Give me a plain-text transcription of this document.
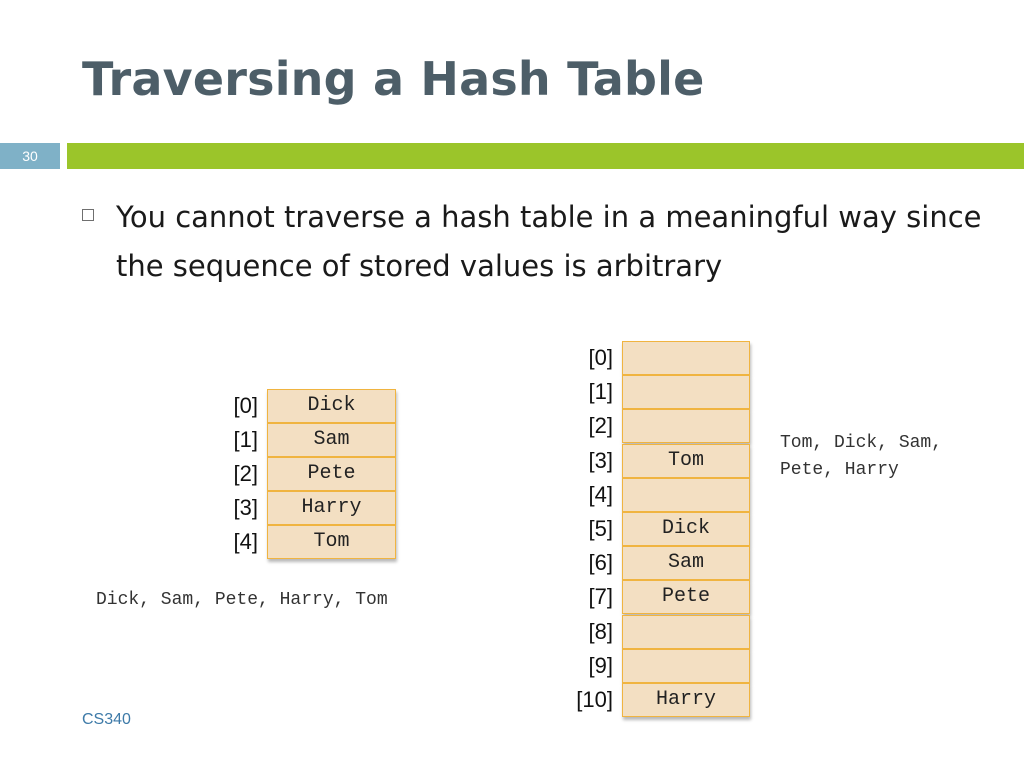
Traversing a Hash Table
30
You cannot traverse a hash table in a meaningful way since the sequence of stored values is arbitrary
[0]	Dick
[1]	Sam
[2]	Pete
[3]	Harry
[4]	Tom
Dick, Sam, Pete, Harry, Tom
[0]
[1]
[2]
[3]	Tom
[4]
[5]	Dick
[6]	Sam
[7]	Pete
[8]
[9]
[10]	Harry
Tom, Dick, Sam,
Pete, Harry
CS340
